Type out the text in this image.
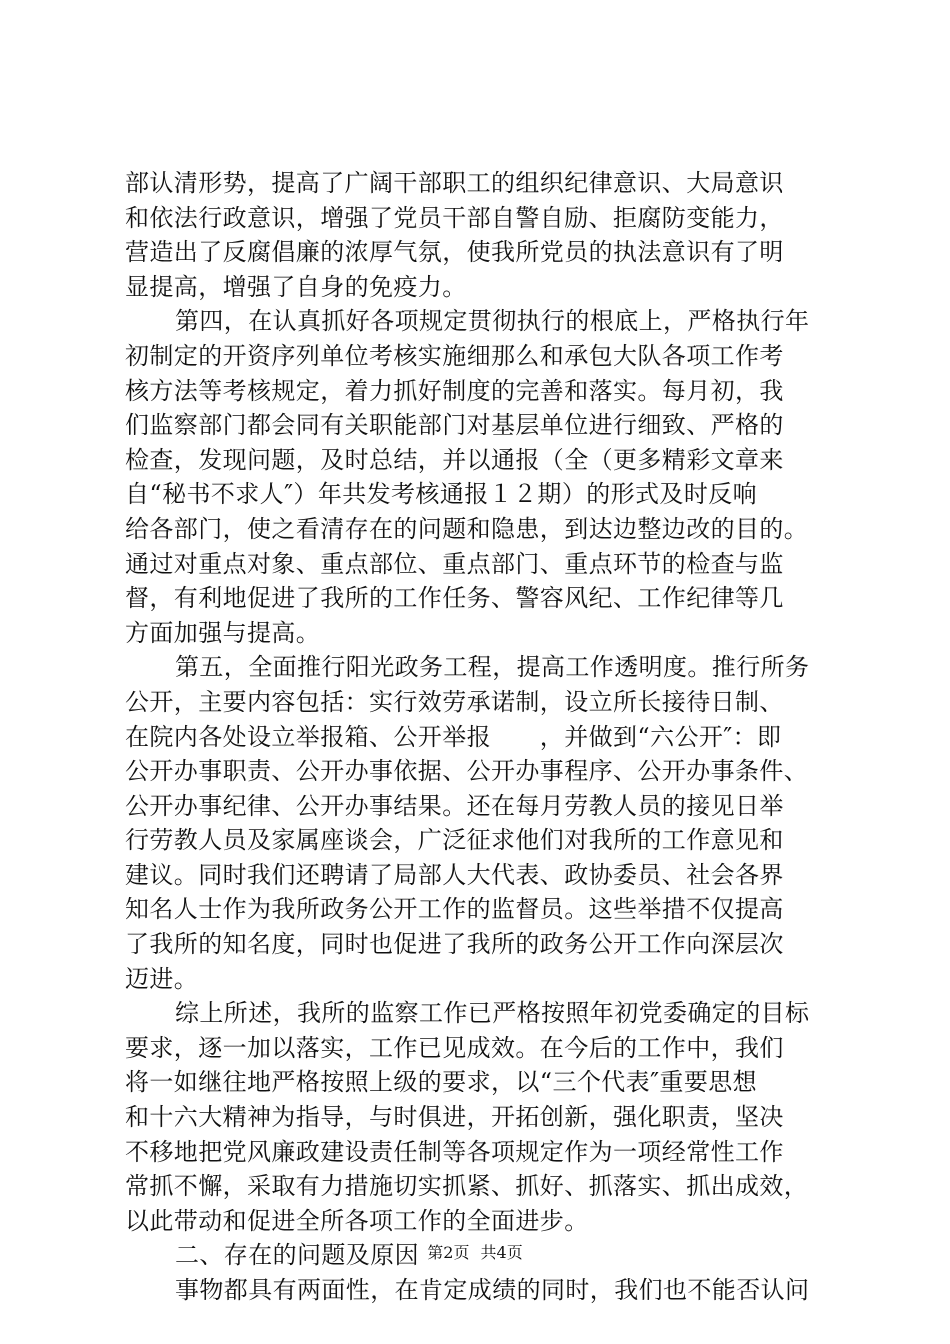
部认清形势，提高了广阔干部职工的组织纪律意识、大局意识
和依法行政意识，增强了党员干部自警自励、拒腐防变能力，
营造出了反腐倡廉的浓厚气氛，使我所党员的执法意识有了明
显提高，增强了自身的免疫力。
第四，在认真抓好各项规定贯彻执行的根底上，严格执行年
初制定的开资序列单位考核实施细那么和承包大队各项工作考
核方法等考核规定，着力抓好制度的完善和落实。每月初，我
们监察部门都会同有关职能部门对基层单位进行细致、严格的
检查，发现问题，及时总结，并以通报（全（更多精彩文章来
自“秘书不求人″）年共发考核通报１２期）的形式及时反响
给各部门，使之看清存在的问题和隐患，到达边整边改的目的。
通过对重点对象、重点部位、重点部门、重点环节的检查与监
督，有利地促进了我所的工作任务、警容风纪、工作纪律等几
方面加强与提高。
第五，全面推行阳光政务工程，提高工作透明度。推行所务
公开，主要内容包括：实行效劳承诺制，设立所长接待日制、
在院内各处设立举报箱、公开举报　　，并做到“六公开″：即
公开办事职责、公开办事依据、公开办事程序、公开办事条件、
公开办事纪律、公开办事结果。还在每月劳教人员的接见日举
行劳教人员及家属座谈会，广泛征求他们对我所的工作意见和
建议。同时我们还聘请了局部人大代表、政协委员、社会各界
知名人士作为我所政务公开工作的监督员。这些举措不仅提高
了我所的知名度，同时也促进了我所的政务公开工作向深层次
迈进。
综上所述，我所的监察工作已严格按照年初党委确定的目标
要求，逐一加以落实，工作已见成效。在今后的工作中，我们
将一如继往地严格按照上级的要求，以“三个代表″重要思想
和十六大精神为指导，与时俱进，开拓创新，强化职责，坚决
不移地把党风廉政建设责任制等各项规定作为一项经常性工作
常抓不懈，采取有力措施切实抓紧、抓好、抓落实、抓出成效，
以此带动和促进全所各项工作的全面进步。
二、存在的问题及原因
事物都具有两面性，在肯定成绩的同时，我们也不能否认问
第2页 共4页
